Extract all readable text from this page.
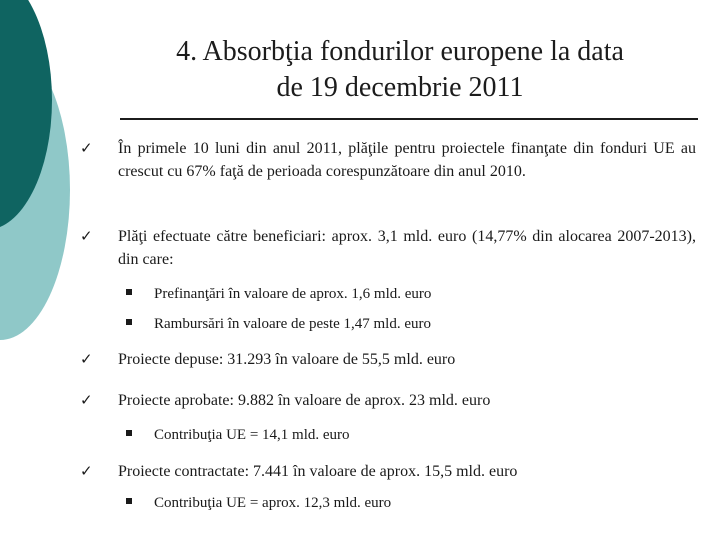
4. Absorbţia fondurilor europene la data
de 19 decembrie 2011
✓	În primele 10 luni din anul 2011, plăţile pentru proiectele finanţate din fonduri UE au crescut cu 67% faţă de perioada corespunzătoare din anul 2010.
✓	Plăţi efectuate către beneficiari: aprox. 3,1 mld. euro (14,77% din alocarea 2007-2013), din care:
Prefinanţări în valoare de aprox. 1,6 mld. euro
Rambursări în valoare de peste 1,47 mld. euro
✓	Proiecte depuse: 31.293 în valoare de 55,5 mld. euro
✓	Proiecte aprobate: 9.882 în valoare de aprox. 23 mld. euro
Contribuţia UE = 14,1 mld. euro
✓	Proiecte contractate: 7.441 în valoare de aprox. 15,5 mld. euro
Contribuţia UE = aprox. 12,3 mld. euro
